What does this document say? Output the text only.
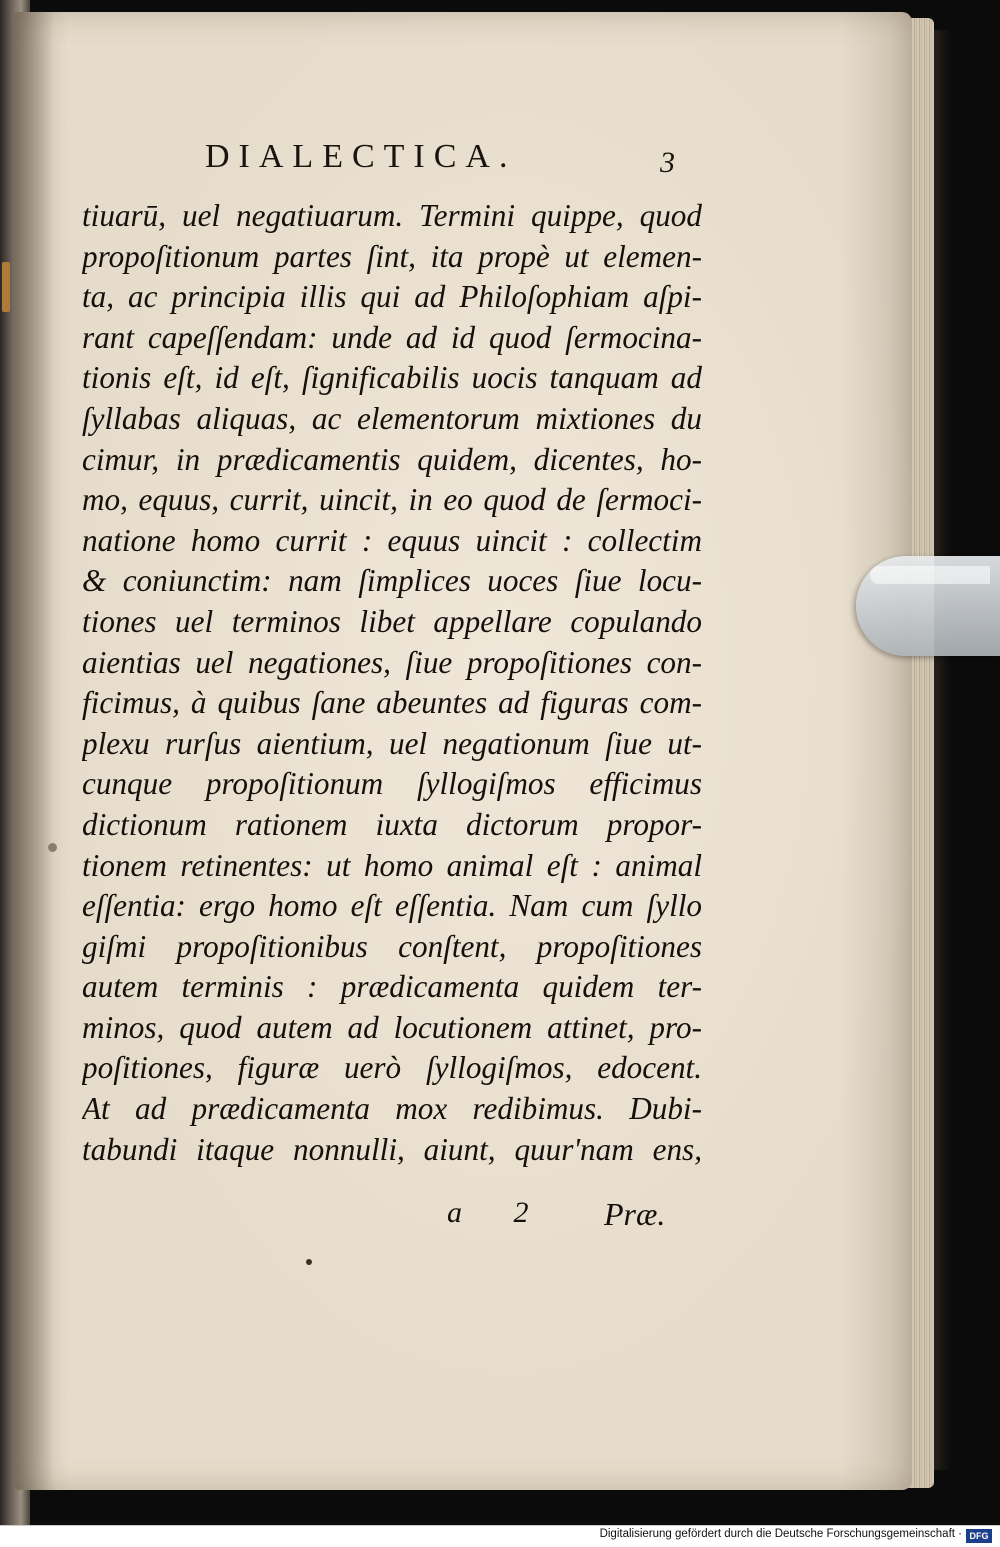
DIALECTICA.	3
tiuarū, uel negatiuarum. Termini quippe, quod
propoſitionum partes ſint, ita propè ut elemen-
ta, ac principia illis qui ad Philoſophiam aſpi-
rant capeſſendam: unde ad id quod ſermocina-
tionis eſt, id eſt, ſignificabilis uocis tanquam ad
ſyllabas aliquas, ac elementorum mixtiones du
cimur, in prædicamentis quidem, dicentes, ho-
mo, equus, currit, uincit, in eo quod de ſermoci-
natione homo currit : equus uincit : collectim
& coniunctim: nam ſimplices uoces ſiue locu-
tiones uel terminos libet appellare copulando
aientias uel negationes, ſiue propoſitiones con-
ficimus, à quibus ſane abeuntes ad figuras com-
plexu rurſus aientium, uel negationum ſiue ut-
cunque propoſitionum ſyllogiſmos efficimus
dictionum rationem iuxta dictorum propor-
tionem retinentes: ut homo animal eſt : animal
eſſentia: ergo homo eſt eſſentia. Nam cum ſyllo
giſmi propoſitionibus conſtent, propoſitiones
autem terminis : prædicamenta quidem ter-
minos, quod autem ad locutionem attinet, pro-
poſitiones, figuræ uerò ſyllogiſmos, edocent.
At ad prædicamenta mox redibimus. Dubi-
tabundi itaque nonnulli, aiunt, quur'nam ens,
a 2 Præ.
Digitalisierung gefördert durch die Deutsche Forschungsgemeinschaft · DFG
